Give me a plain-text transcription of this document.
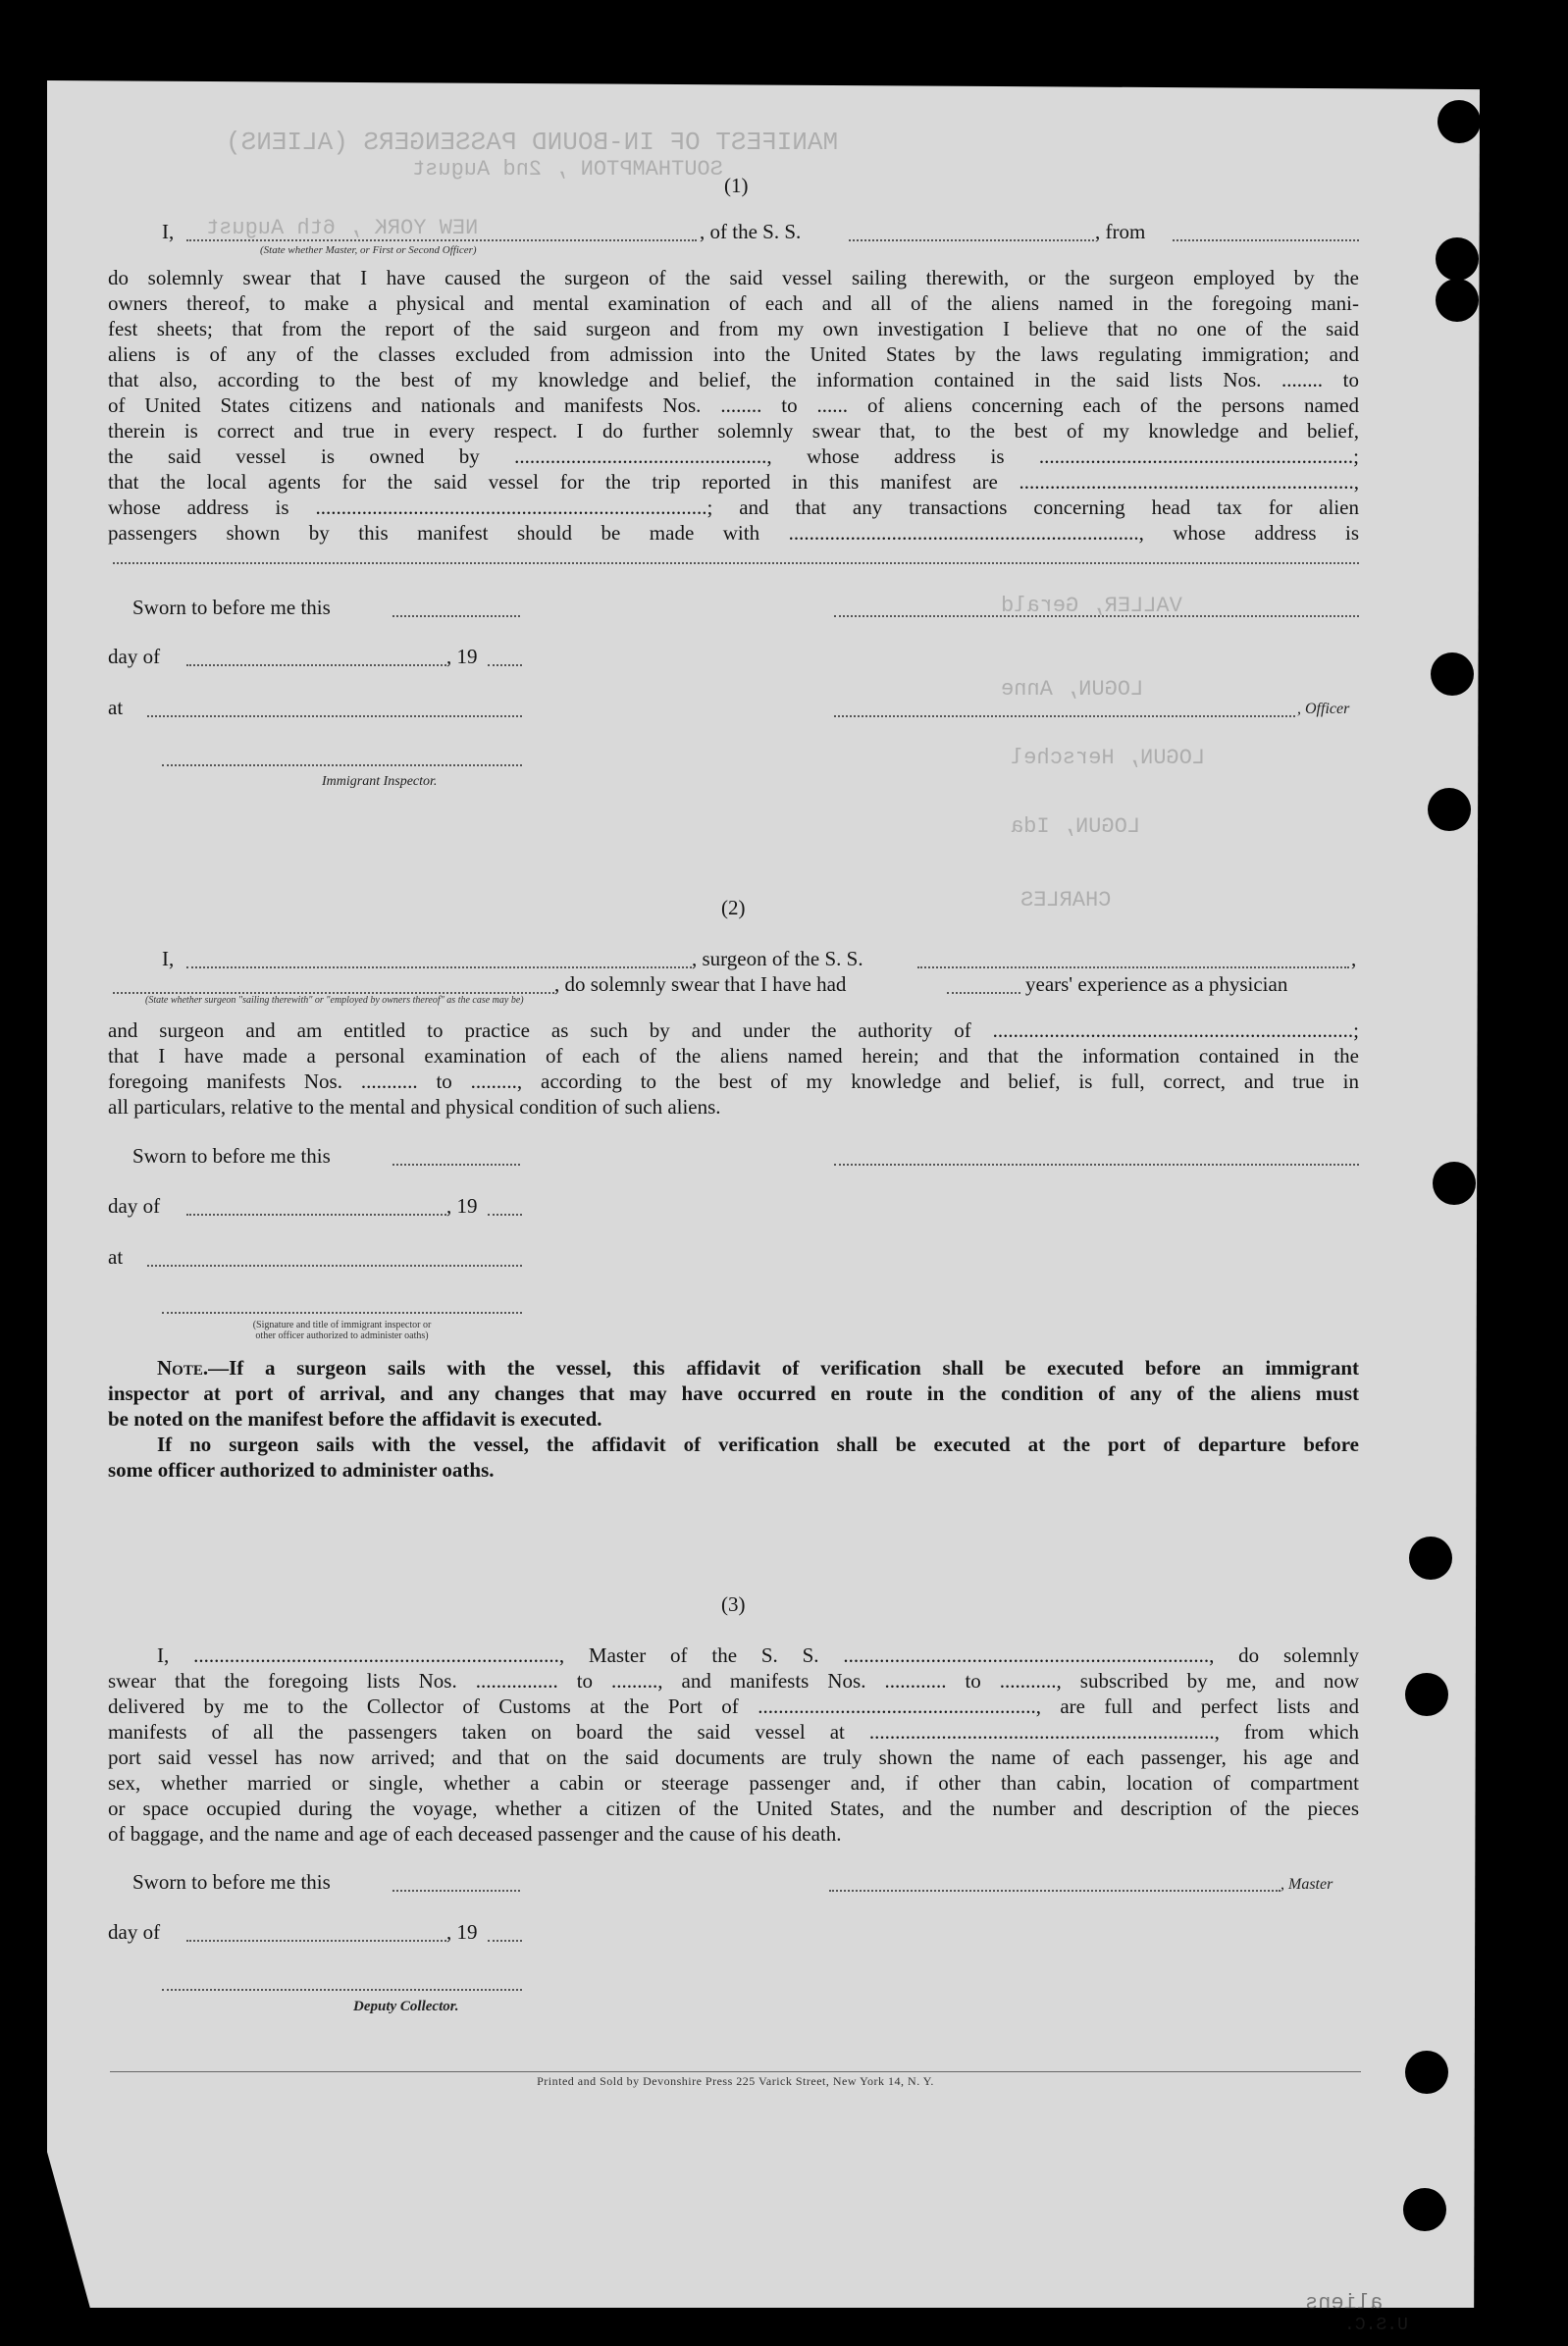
MANIFEST OF IN-BOUND PASSENGERS (ALIENS)
SOUTHAMPTON , 2nd August
NEW YORK , 6th August
VALLER, Gerald
LOGUN, Anne
LOGUN, Herschel
LOGUN, Ida
CHARLES
aliens
U.S.C.
(1)
I,	, of the S. S.	, from
(State whether Master, or First or Second Officer)
do solemnly swear that I have caused the surgeon of the said vessel sailing therewith, or the surgeon employed by the
owners thereof, to make a physical and mental examination of each and all of the aliens named in the foregoing mani-
fest sheets; that from the report of the said surgeon and from my own investigation I believe that no one of the said
aliens is of any of the classes excluded from admission into the United States by the laws regulating immigration; and
that also, according to the best of my knowledge and belief, the information contained in the said lists Nos. ........ to
of United States citizens and nationals and manifests Nos. ........ to ...... of aliens concerning each of the persons named
therein is correct and true in every respect. I do further solemnly swear that, to the best of my knowledge and belief,
the said vessel is owned by ................................................., whose address is .............................................................;
that the local agents for the said vessel for the trip reported in this manifest are .................................................................,
whose address is ............................................................................; and that any transactions concerning head tax for alien
passengers shown by this manifest should be made with ...................................................................., whose address is
Sworn to before me this
day of	, 19
at	, Officer
Immigrant Inspector.
(2)
I,	, surgeon of the S. S.	,
, do solemnly swear that I have had	years' experience as a physician
(State whether surgeon "sailing therewith" or "employed by owners thereof" as the case may be)
and surgeon and am entitled to practice as such by and under the authority of ......................................................................;
that I have made a personal examination of each of the aliens named herein; and that the information contained in the
foregoing manifests Nos. ........... to ........., according to the best of my knowledge and belief, is full, correct, and true in
all particulars, relative to the mental and physical condition of such aliens.
Sworn to before me this
day of	, 19
at
(Signature and title of immigrant inspector or
other officer authorized to administer oaths)
Note.—If a surgeon sails with the vessel, this affidavit of verification shall be executed before an immigrant
inspector at port of arrival, and any changes that may have occurred en route in the condition of any of the aliens must
be noted on the manifest before the affidavit is executed.
If no surgeon sails with the vessel, the affidavit of verification shall be executed at the port of departure before
some officer authorized to administer oaths.
(3)
I, ......................................................................., Master of the S. S. ......................................................................., do solemnly
swear that the foregoing lists Nos. ................ to ........., and manifests Nos. ............ to ..........., subscribed by me, and now
delivered by me to the Collector of Customs at the Port of ......................................................, are full and perfect lists and
manifests of all the passengers taken on board the said vessel at ..................................................................., from which
port said vessel has now arrived; and that on the said documents are truly shown the name of each passenger, his age and
sex, whether married or single, whether a cabin or steerage passenger and, if other than cabin, location of compartment
or space occupied during the voyage, whether a citizen of the United States, and the number and description of the pieces
of baggage, and the name and age of each deceased passenger and the cause of his death.
Sworn to before me this	, Master
day of	, 19
Deputy Collector.
Printed and Sold by Devonshire Press 225 Varick Street, New York 14, N. Y.
